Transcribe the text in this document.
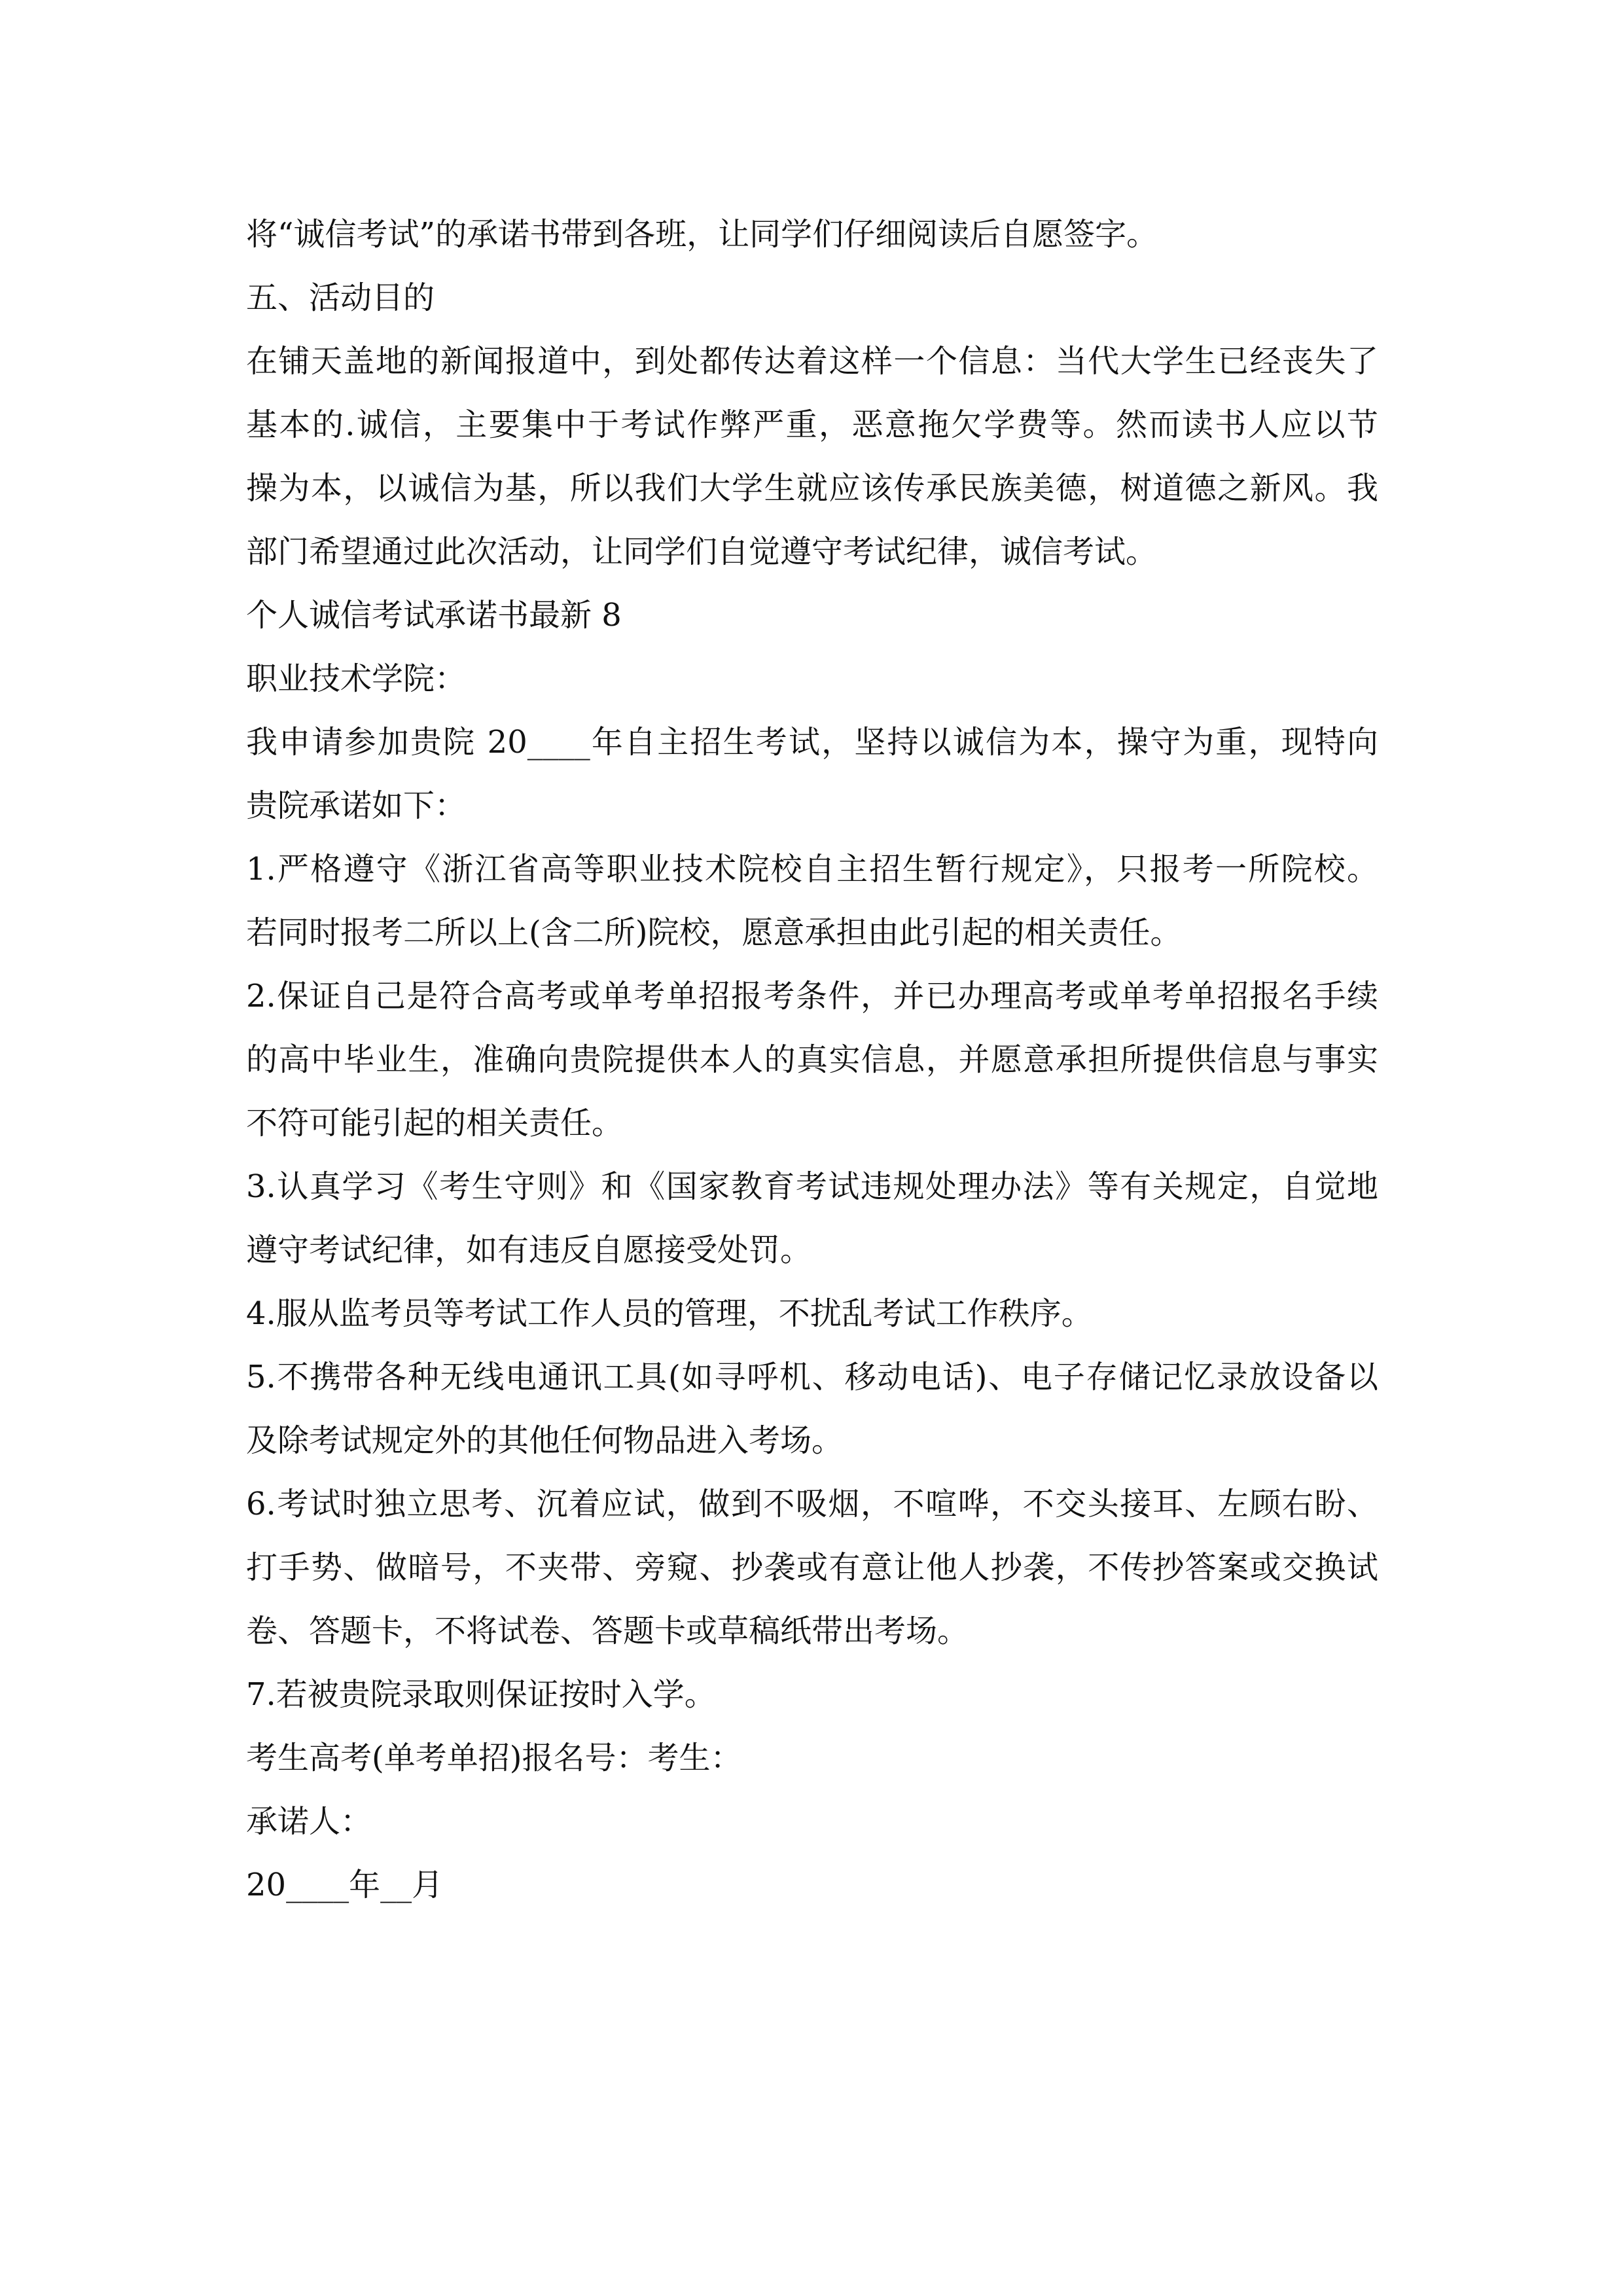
将“诚信考试”的承诺书带到各班，让同学们仔细阅读后自愿签字。

五、活动目的

在铺天盖地的新闻报道中，到处都传达着这样一个信息：当代大学生已经丧失了
基本的.诚信，主要集中于考试作弊严重，恶意拖欠学费等。然而读书人应以节
操为本，以诚信为基，所以我们大学生就应该传承民族美德，树道德之新风。我
部门希望通过此次活动，让同学们自觉遵守考试纪律，诚信考试。

个人诚信考试承诺书最新 8

职业技术学院：

我申请参加贵院 20____年自主招生考试，坚持以诚信为本，操守为重，现特向
贵院承诺如下：

1.严格遵守《浙江省高等职业技术院校自主招生暂行规定》，只报考一所院校。
若同时报考二所以上(含二所)院校，愿意承担由此引起的相关责任。

2.保证自己是符合高考或单考单招报考条件，并已办理高考或单考单招报名手续
的高中毕业生，准确向贵院提供本人的真实信息，并愿意承担所提供信息与事实
不符可能引起的相关责任。

3.认真学习《考生守则》和《国家教育考试违规处理办法》等有关规定，自觉地
遵守考试纪律，如有违反自愿接受处罚。

4.服从监考员等考试工作人员的管理，不扰乱考试工作秩序。

5.不携带各种无线电通讯工具(如寻呼机、移动电话)、电子存储记忆录放设备以
及除考试规定外的其他任何物品进入考场。

6.考试时独立思考、沉着应试，做到不吸烟，不喧哗，不交头接耳、左顾右盼、
打手势、做暗号，不夹带、旁窥、抄袭或有意让他人抄袭，不传抄答案或交换试
卷、答题卡，不将试卷、答题卡或草稿纸带出考场。

7.若被贵院录取则保证按时入学。

考生高考(单考单招)报名号：考生：

承诺人：

20____年__月
